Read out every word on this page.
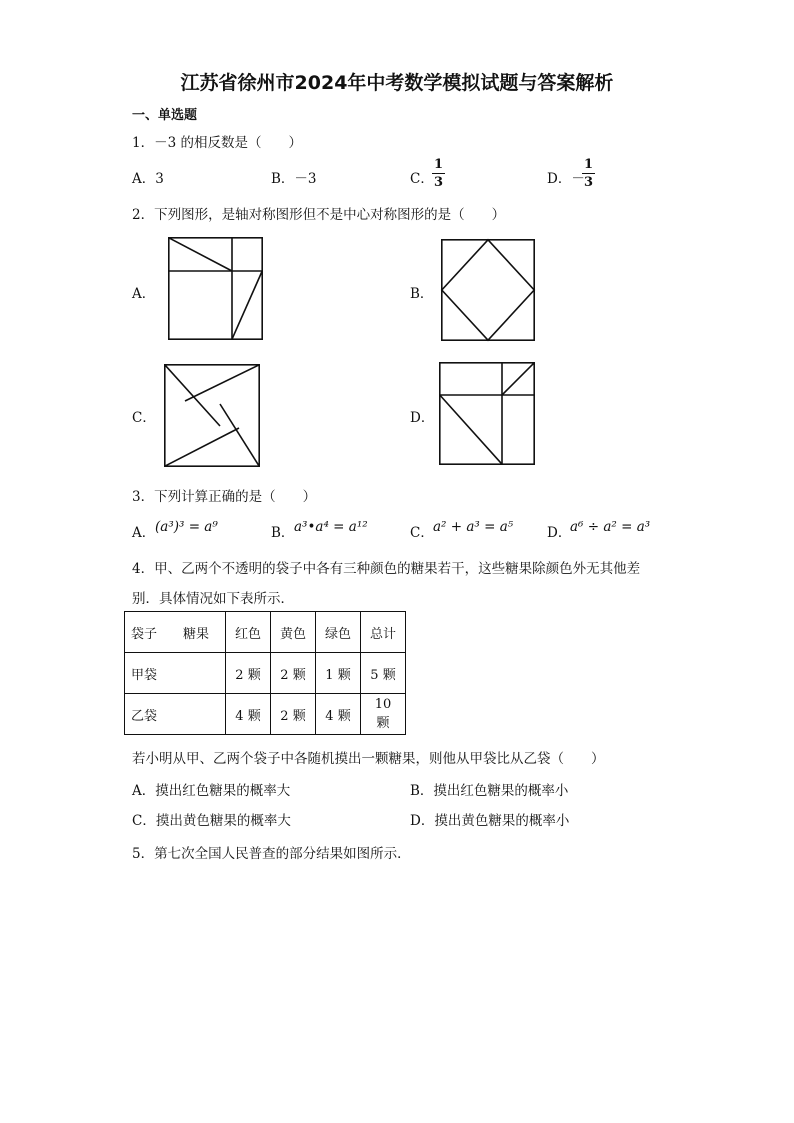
江苏省徐州市2024年中考数学模拟试题与答案解析
一、单选题
1．－3 的相反数是（　　）
A．3	B．－3	C．
1
3	D．－
1
3
2．下列图形，是轴对称图形但不是中心对称图形的是（　　）
A．	B．
C．	D．
3．下列计算正确的是（　　）
A． (a³)³ = a⁹	B． a³•a⁴ = a¹²	C． a² + a³ = a⁵	D．
a⁶ ÷ a² = a³
4．甲、乙两个不透明的袋子中各有三种颜色的糖果若干，这些糖果除颜色外无其他差
别．具体情况如下表所示．
袋子　　糖果	红色	黄色	绿色	总计
甲袋	2 颗	2 颗	1 颗	5 颗
乙袋	4 颗	2 颗	4 颗	10 颗
若小明从甲、乙两个袋子中各随机摸出一颗糖果，则他从甲袋比从乙袋（　　）
A．摸出红色糖果的概率大	B．摸出红色糖果的概率小
C．摸出黄色糖果的概率大	D．摸出黄色糖果的概率小
5．第七次全国人民普查的部分结果如图所示．
